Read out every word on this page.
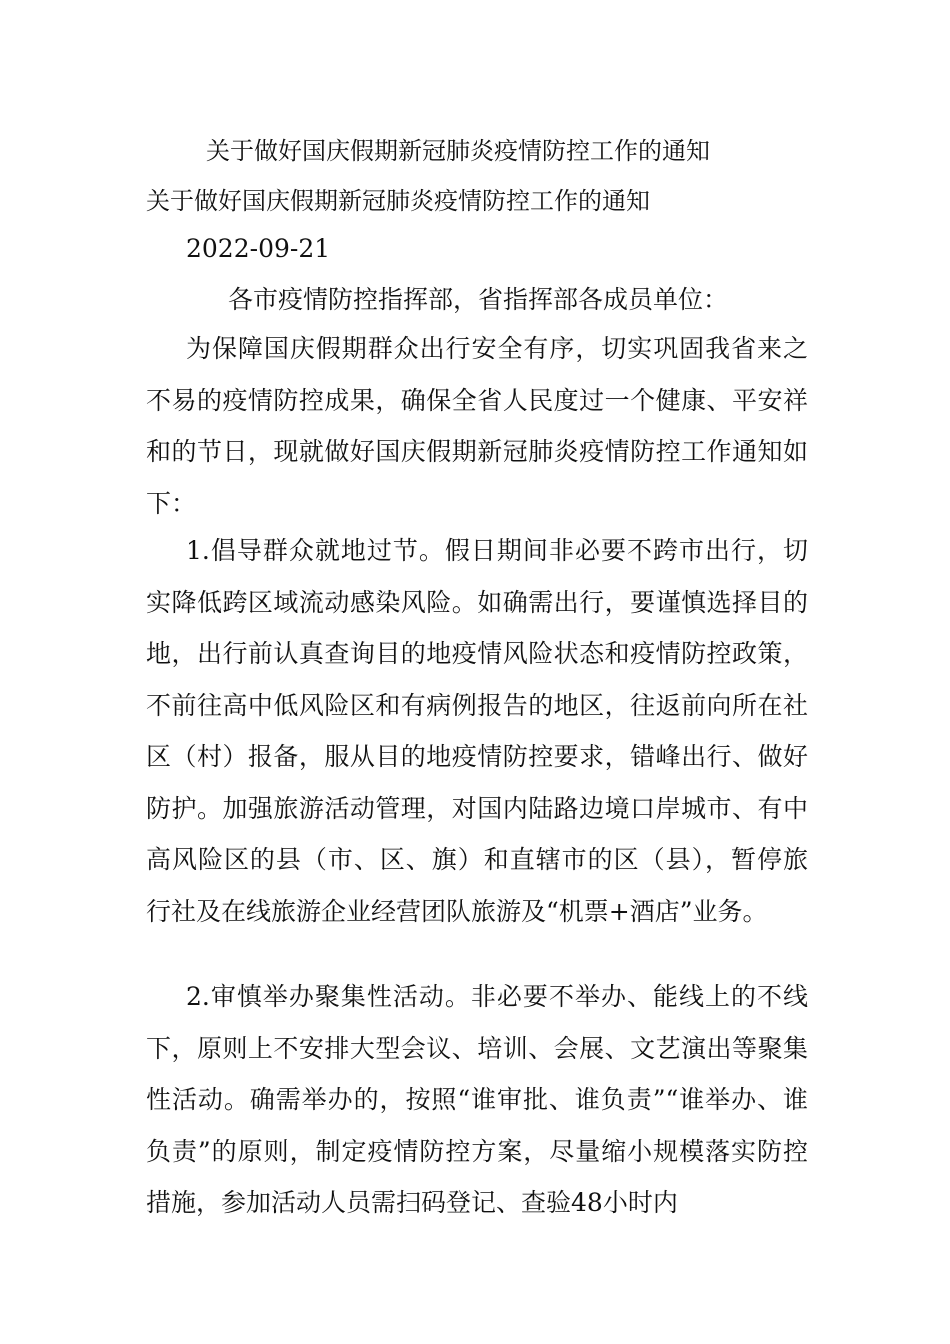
关于做好国庆假期新冠肺炎疫情防控工作的通知
关于做好国庆假期新冠肺炎疫情防控工作的通知
2022-09-21
各市疫情防控指挥部，省指挥部各成员单位：

为保障国庆假期群众出行安全有序，切实巩固我省来之不易的疫情防控成果，确保全省人民度过一个健康、平安祥和的节日，现就做好国庆假期新冠肺炎疫情防控工作通知如下：

1.倡导群众就地过节。假日期间非必要不跨市出行，切实降低跨区域流动感染风险。如确需出行，要谨慎选择目的地，出行前认真查询目的地疫情风险状态和疫情防控政策，不前往高中低风险区和有病例报告的地区，往返前向所在社区（村）报备，服从目的地疫情防控要求，错峰出行、做好防护。加强旅游活动管理，对国内陆路边境口岸城市、有中高风险区的县（市、区、旗）和直辖市的区（县），暂停旅行社及在线旅游企业经营团队旅游及“机票+酒店”业务。

2.审慎举办聚集性活动。非必要不举办、能线上的不线下，原则上不安排大型会议、培训、会展、文艺演出等聚集性活动。确需举办的，按照“谁审批、谁负责”“谁举办、谁负责”的原则，制定疫情防控方案，尽量缩小规模落实防控措施，参加活动人员需扫码登记、查验48小时内
